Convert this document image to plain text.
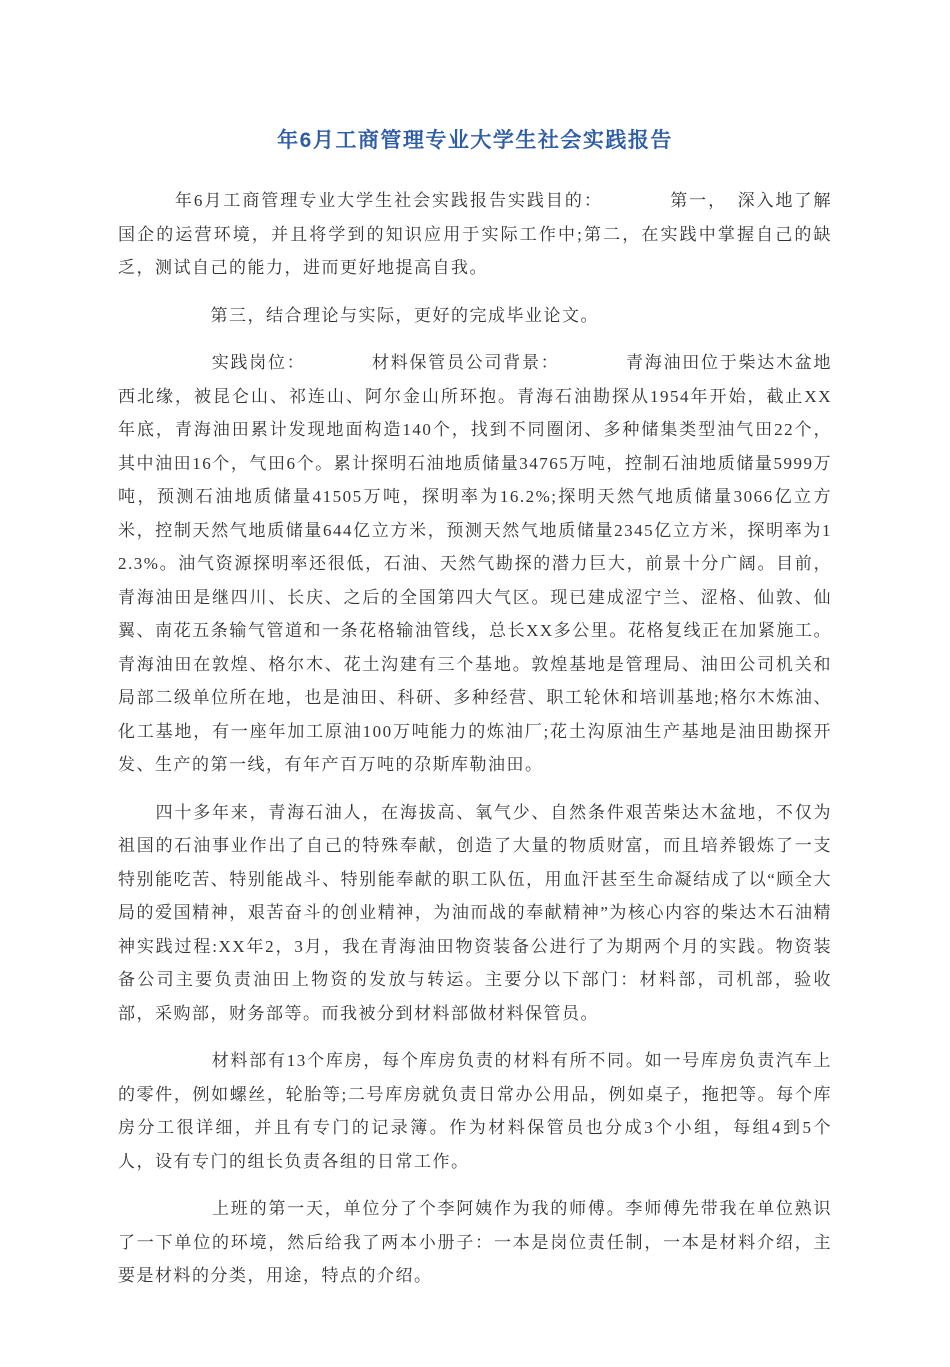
年6月工商管理专业大学生社会实践报告

　　　年6月工商管理专业大学生社会实践报告实践目的：　　　　第一，　深入地了解国企的运营环境，并且将学到的知识应用于实际工作中;第二，在实践中掌握自己的缺乏，测试自己的能力，进而更好地提高自我。

　　　　　第三，结合理论与实际，更好的完成毕业论文。

　　　　　实践岗位：　　　　材料保管员公司背景：　　　　青海油田位于柴达木盆地西北缘，被昆仑山、祁连山、阿尔金山所环抱。青海石油勘探从1954年开始，截止XX年底，青海油田累计发现地面构造140个，找到不同圈闭、多种储集类型油气田22个，其中油田16个，气田6个。累计探明石油地质储量34765万吨，控制石油地质储量5999万吨，预测石油地质储量41505万吨，探明率为16.2%;探明天然气地质储量3066亿立方米，控制天然气地质储量644亿立方米，预测天然气地质储量2345亿立方米，探明率为12.3%。油气资源探明率还很低，石油、天然气勘探的潜力巨大，前景十分广阔。目前，青海油田是继四川、长庆、之后的全国第四大气区。现已建成涩宁兰、涩格、仙敦、仙翼、南花五条输气管道和一条花格输油管线，总长XX多公里。花格复线正在加紧施工。青海油田在敦煌、格尔木、花土沟建有三个基地。敦煌基地是管理局、油田公司机关和局部二级单位所在地，也是油田、科研、多种经营、职工轮休和培训基地;格尔木炼油、化工基地，有一座年加工原油100万吨能力的炼油厂;花土沟原油生产基地是油田勘探开发、生产的第一线，有年产百万吨的尕斯库勒油田。

　　四十多年来，青海石油人，在海拔高、氧气少、自然条件艰苦柴达木盆地，不仅为祖国的石油事业作出了自己的特殊奉献，创造了大量的物质财富，而且培养锻炼了一支特别能吃苦、特别能战斗、特别能奉献的职工队伍，用血汗甚至生命凝结成了以“顾全大局的爱国精神，艰苦奋斗的创业精神，为油而战的奉献精神”为核心内容的柴达木石油精神实践过程:XX年2，3月，我在青海油田物资装备公进行了为期两个月的实践。物资装备公司主要负责油田上物资的发放与转运。主要分以下部门：材料部，司机部，验收部，采购部，财务部等。而我被分到材料部做材料保管员。

　　　　　材料部有13个库房，每个库房负责的材料有所不同。如一号库房负责汽车上的零件，例如螺丝，轮胎等;二号库房就负责日常办公用品，例如桌子，拖把等。每个库房分工很详细，并且有专门的记录簿。作为材料保管员也分成3个小组，每组4到5个人，设有专门的组长负责各组的日常工作。

　　　　　上班的第一天，单位分了个李阿姨作为我的师傅。李师傅先带我在单位熟识了一下单位的环境，然后给我了两本小册子：一本是岗位责任制，一本是材料介绍，主要是材料的分类，用途，特点的介绍。
